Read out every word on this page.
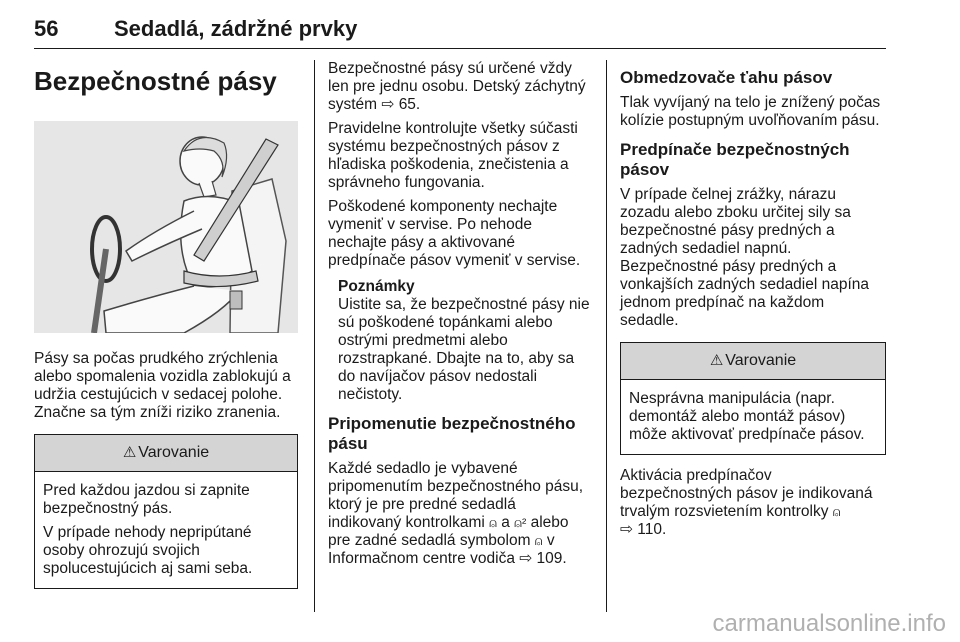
56	Sedadlá, zádržné prvky
Bezpečnostné pásy

Pásy sa počas prudkého zrýchlenia alebo spomalenia vozidla zablokujú a udržia cestujúcich v sedacej polohe. Značne sa tým zníži riziko zranenia.

⚠ Varovanie

Pred každou jazdou si zapnite bezpečnostný pás.

V prípade nehody nepripútané osoby ohrozujú svojich spolucestujúcich aj sami seba.

Bezpečnostné pásy sú určené vždy len pre jednu osobu. Detský záchytný systém ⇨ 65.

Pravidelne kontrolujte všetky súčasti systému bezpečnostných pásov z hľadiska poškodenia, znečistenia a správneho fungovania.

Poškodené komponenty nechajte vymeniť v servise. Po nehode nechajte pásy a aktivované predpínače pásov vymeniť v servise.

Poznámky

Uistite sa, že bezpečnostné pásy nie sú poškodené topánkami alebo ostrými predmetmi alebo rozstrapkané. Dbajte na to, aby sa do navíjačov pásov nedostali nečistoty.

Pripomenutie bezpečnostného pásu

Každé sedadlo je vybavené pripomenutím bezpečnostného pásu, ktorý je pre predné sedadlá indikovaný kontrolkami ⍝ a ⍝² alebo pre zadné sedadlá symbolom ⍝ v Informačnom centre vodiča ⇨ 109.

Obmedzovače ťahu pásov

Tlak vyvíjaný na telo je znížený počas kolízie postupným uvoľňovaním pásu.

Predpínače bezpečnostných pásov

V prípade čelnej zrážky, nárazu zozadu alebo zboku určitej sily sa bezpečnostné pásy predných a zadných sedadiel napnú.

Bezpečnostné pásy predných a vonkajších zadných sedadiel napína jednom predpínač na každom sedadle.

⚠ Varovanie

Nesprávna manipulácia (napr. demontáž alebo montáž pásov) môže aktivovať predpínače pásov.

Aktivácia predpínačov bezpečnostných pásov je indikovaná trvalým rozsvietením kontrolky ⍝
⇨ 110.

carmanualsonline.info
